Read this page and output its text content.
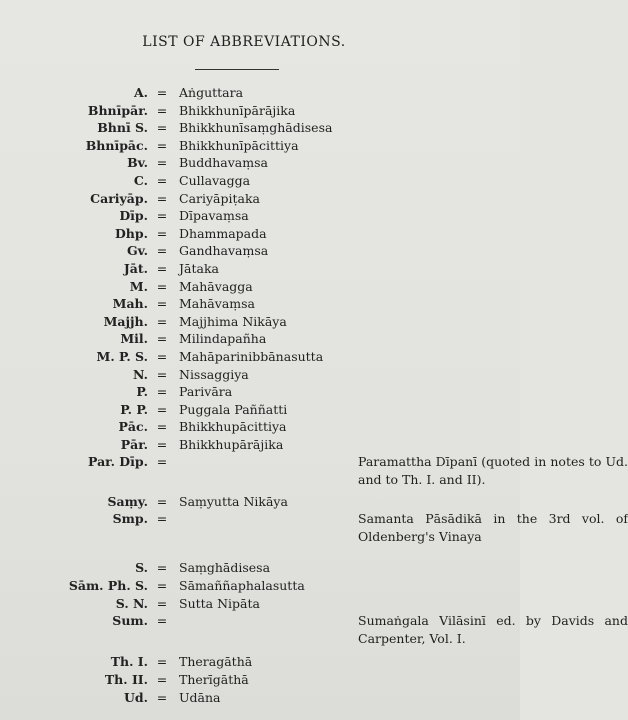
LIST OF ABBREVIATIONS.
A. = Aṅguttara
Bhnīpār. = Bhikkhunīpārājika
Bhnī S. = Bhikkhunīsaṃghādisesa
Bhnīpāc. = Bhikkhunīpācittiya
Bv. = Buddhavaṃsa
C. = Cullavagga
Cariyāp. = Cariyāpiṭaka
Dīp. = Dīpavaṃsa
Dhp. = Dhammapada
Gv. = Gandhavaṃsa
Jāt. = Jātaka
M. = Mahāvagga
Mah. = Mahāvaṃsa
Majjh. = Majjhima Nikāya
Mil. = Milindapañha
M. P. S. = Mahāparinibbānasutta
N. = Nissaggiya
P. = Parivāra
P. P. = Puggala Paññatti
Pāc. = Bhikkhupācittiya
Pār. = Bhikkhupārājika
Par. Dīp. =	Paramattha Dīpanī (quoted in notes to Ud. and to Th. I. and II).
Saṃy. = Saṃyutta Nikāya
Smp. =	Samanta Pāsādikā in the 3rd vol. of Oldenberg's Vinaya
S. = Saṃghādisesa
Sām. Ph. S. = Sāmaññaphalasutta
S. N. = Sutta Nipāta
Sum. =	Sumaṅgala Vilāsinī ed. by Davids and Carpenter, Vol. I.
Th. I. = Theragāthā
Th. II. = Therīgāthā
Ud. = Udāna
